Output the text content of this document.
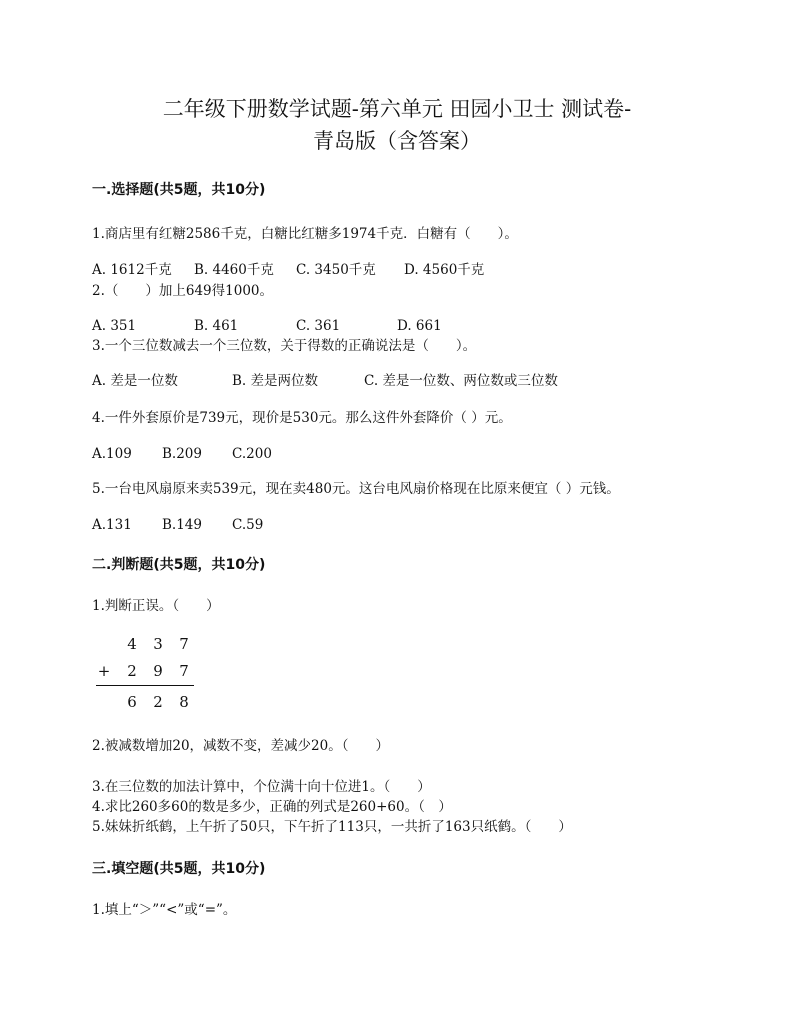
二年级下册数学试题-第六单元 田园小卫士 测试卷-
青岛版（含答案）
一.选择题(共5题，共10分)
1.商店里有红糖2586千克，白糖比红糖多1974千克．白糖有（　　）。
A. 1612千克 B. 4460千克 C. 3450千克 D. 4560千克
2.（　　）加上649得1000。
A. 351	B. 461	C. 361	D. 661
3.一个三位数减去一个三位数，关于得数的正确说法是（　　）。
A. 差是一位数	B. 差是两位数	C. 差是一位数、两位数或三位数
4.一件外套原价是739元，现价是530元。那么这件外套降价（ ）元。
A.109 B.209 C.200
5.一台电风扇原来卖539元，现在卖480元。这台电风扇价格现在比原来便宜（ ）元钱。
A.131 B.149 C.59
二.判断题(共5题，共10分)
1.判断正误。（　　）
4	3	7
+	2	9	7
6	2	8
2.被减数增加20，减数不变，差减少20。（　　）
3.在三位数的加法计算中，个位满十向十位进1。（　　）
4.求比260多60的数是多少，正确的列式是260+60。（　）
5.妹妹折纸鹤，上午折了50只，下午折了113只，一共折了163只纸鹤。（　　）
三.填空题(共5题，共10分)
1.填上“＞”“<”或“=”。
